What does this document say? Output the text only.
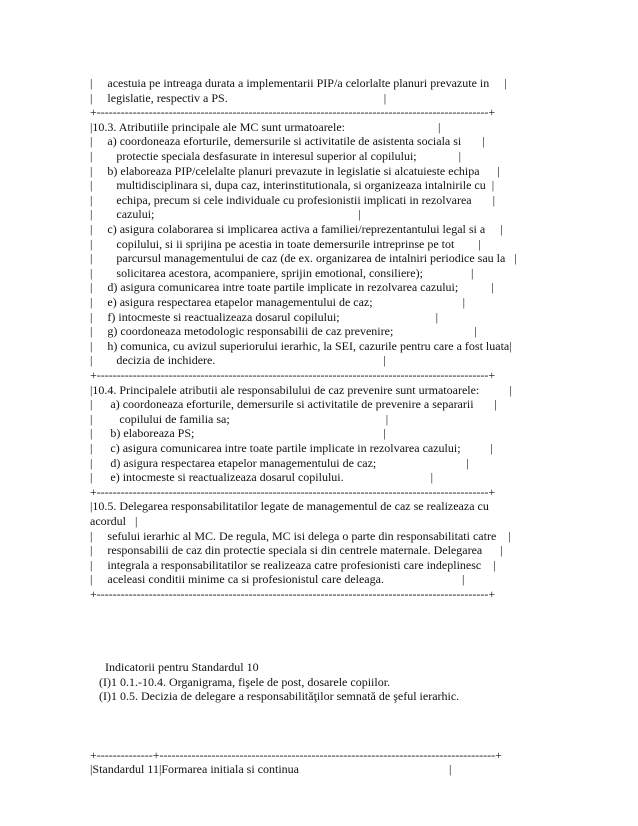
|     acestuia pe intreaga durata a implementarii PIP/a celorlalte planuri prevazute in     |
|     legislatie, respectiv a PS.                                                    |
+--------------------------------------------------------------------------------------------------+
|10.3. Atributiile principale ale MC sunt urmatoarele:                               |
|     a) coordoneaza eforturile, demersurile si activitatile de asistenta sociala si       |
|        protectie speciala desfasurate in interesul superior al copilului;              |
|     b) elaboreaza PIP/celelalte planuri prevazute in legislatie si alcatuieste echipa      |
|        multidisciplinara si, dupa caz, interinstitutionala, si organizeaza intalnirile cu  |
|        echipa, precum si cele individuale cu profesionistii implicati in rezolvarea       |
|        cazului;                                                                    |
|     c) asigura colaborarea si implicarea activa a familiei/reprezentantului legal si a     |
|        copilului, si ii sprijina pe acestia in toate demersurile intreprinse pe tot        |
|        parcursul managementului de caz (de ex. organizarea de intalniri periodice sau la   |
|        solicitarea acestora, acompaniere, sprijin emotional, consiliere);                |
|     d) asigura comunicarea intre toate partile implicate in rezolvarea cazului;           |
|     e) asigura respectarea etapelor managementului de caz;                              |
|     f) intocmeste si reactualizeaza dosarul copilului;                                |
|     g) coordoneaza metodologic responsabilii de caz prevenire;                           |
|     h) comunica, cu avizul superiorului ierarhic, la SEI, cazurile pentru care a fost luata|
|        decizia de inchidere.                                                        |
+--------------------------------------------------------------------------------------------------+
|10.4. Principalele atributii ale responsabilului de caz prevenire sunt urmatoarele:          |
|      a) coordoneaza eforturile, demersurile si activitatile de prevenire a separarii       |
|         copilului de familia sa;                                                    |
|      b) elaboreaza PS;                                                               |
|      c) asigura comunicarea intre toate partile implicate in rezolvarea cazului;          |
|      d) asigura respectarea etapelor managementului de caz;                              |
|      e) intocmeste si reactualizeaza dosarul copilului.                             |
+--------------------------------------------------------------------------------------------------+
|10.5. Delegarea responsabilitatilor legate de managementul de caz se realizeaza cu
acordul   |
|     sefului ierarhic al MC. De regula, MC isi delega o parte din responsabilitati catre    |
|     responsabilii de caz din protectie speciala si din centrele maternale. Delegarea      |
|     integrala a responsabilitatilor se realizeaza catre profesionisti care indeplinesc    |
|     aceleasi conditii minime ca si profesionistul care deleaga.                          |
+--------------------------------------------------------------------------------------------------+
Indicatorii pentru Standardul 10
(I)1 0.1.-10.4. Organigrama, fişele de post, dosarele copiilor.
(I)1 0.5. Decizia de delegare a responsabilităţilor semnată de şeful ierarhic.
+--------------+------------------------------------------------------------------------------------+
|Standardul 11|Formarea initiala si continua                                                  |
